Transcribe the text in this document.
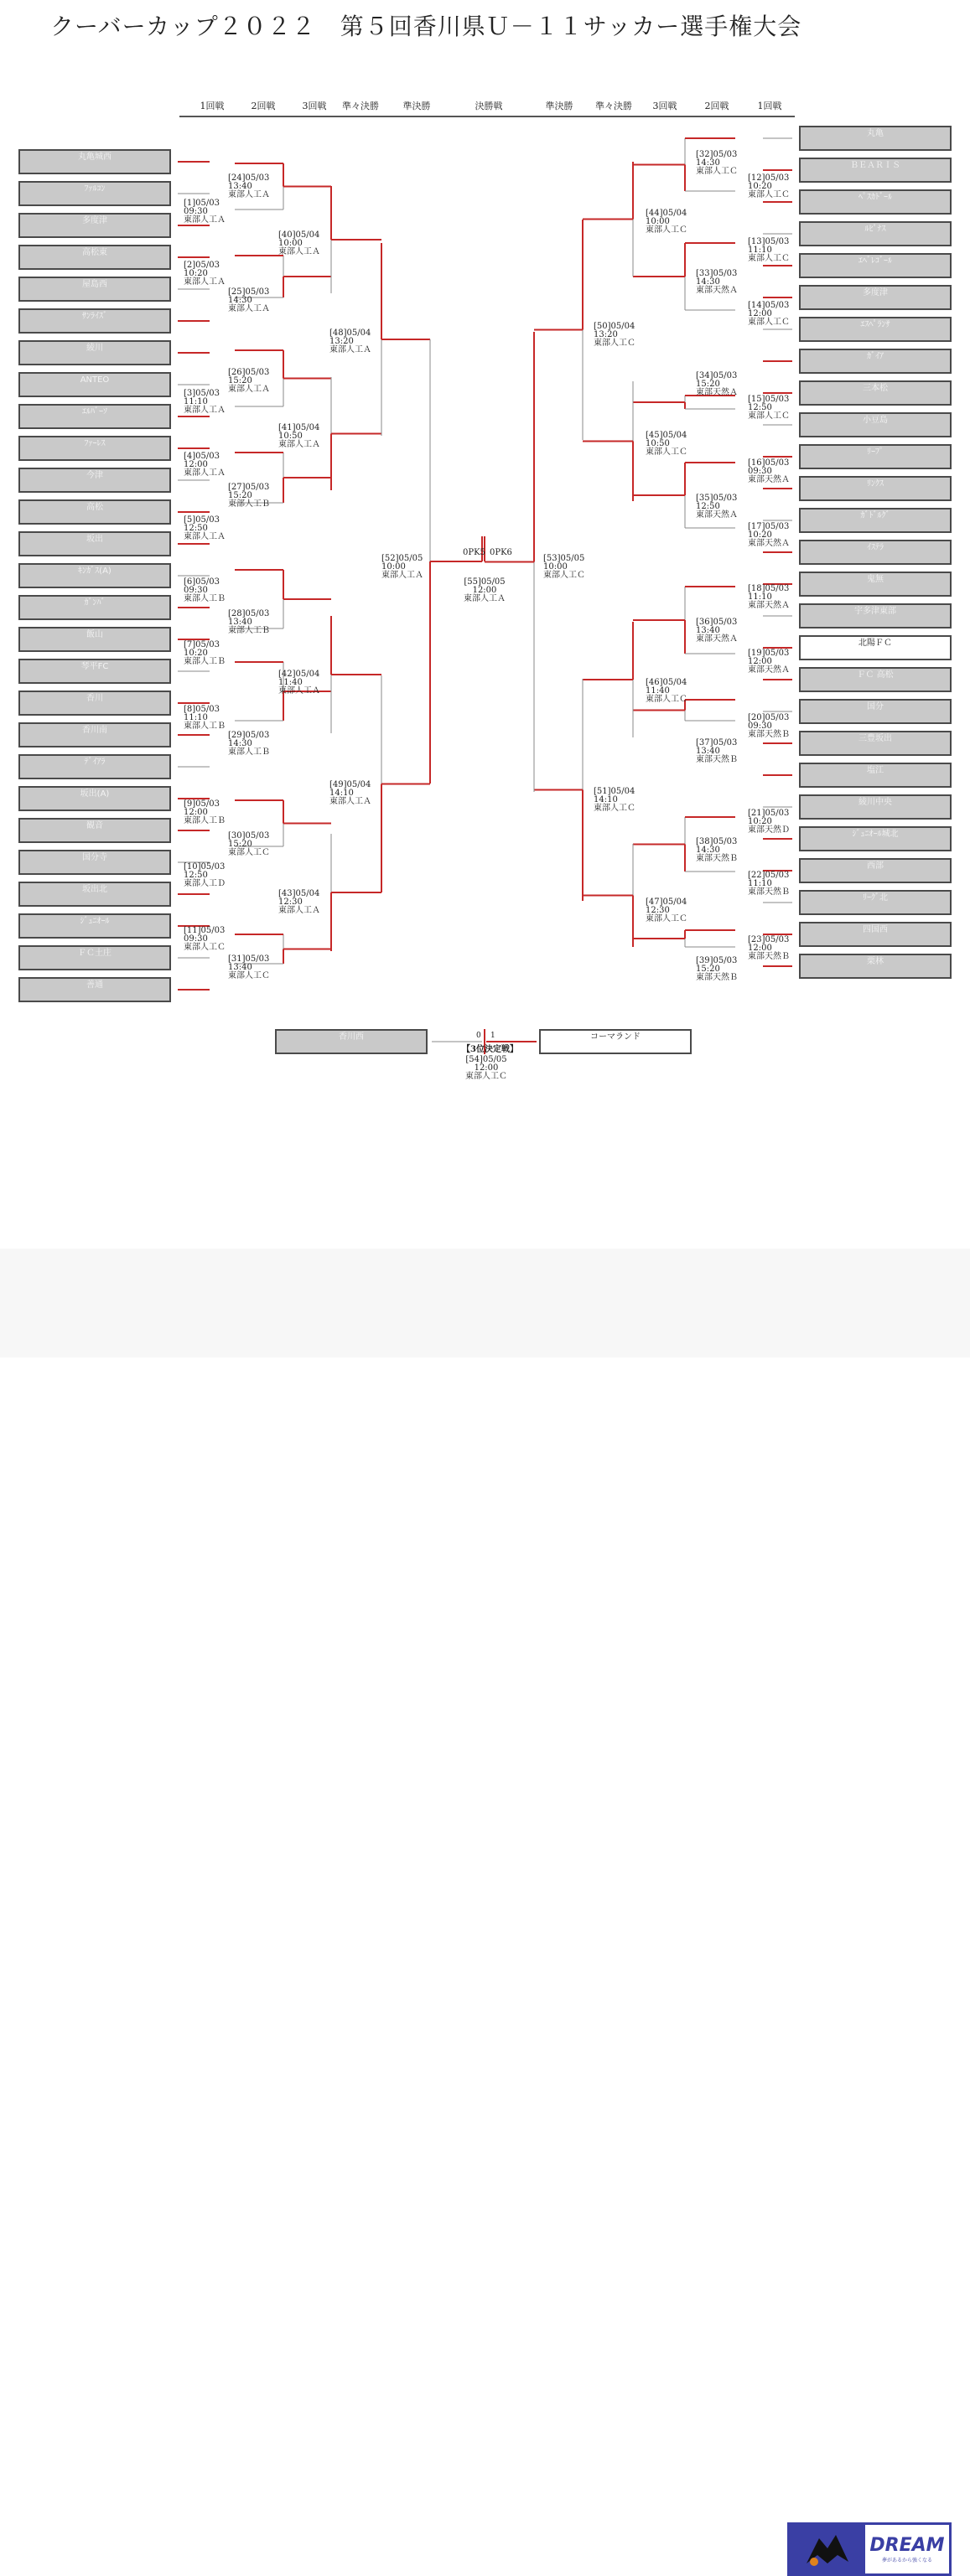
クーバーカップ２０２２　第５回香川県Ｕ－１１サッカー選手権大会
1回戦	2回戦	3回戦 準々決勝	準決勝	決勝戦	準決勝 準々決勝 3回戦	2回戦	1回戦
丸亀城西
ﾌｧﾙｺﾝ
多度津
高松東
屋島西
ｻﾝﾗｲｽﾞ
綾川
ANTEO
ｴﾙﾊﾞｰｿ
ﾌｧｰﾚｽ
今津
高松
坂出
ｷﾝｶﾞｽ(A)
ｶﾞﾝﾊﾞ
飯山
琴平FC
香川
香川南
ﾃﾞｲｱﾗ
坂出(A)
観音
国分寺
坂出北
ｼﾞｭﾆｵｰﾙ
ＦＣ土庄
善通
丸亀
ＢＥＡＲＩＳ
ﾍﾟｽｶﾄﾞｰﾙ
ﾙﾋﾟﾅｽ
ｴﾍﾞﾚｺﾞｰﾙ
多度津
ｴｽﾍﾟﾗﾝｻ
ｶﾞｲｱ
三本松
小豆島
ﾘｰﾌﾟ
ﾘﾝｸｽ
ｶﾞﾄﾞﾙｸﾞ
ｲｽﾃﾗ
鬼無
宇多津東部
北陽ＦＣ
ＦＣ 高松
国分
三豊坂出
塩江
綾川中央
ｼﾞｭﾆｵｰﾙ城北
西部
ﾘｰｸﾞ北
四国西
栗林
[24]05/03
13:40
東部人工Ａ
[1]05/03
09:30
東部人工Ａ
[40]05/04
10:00
東部人工Ａ
[2]05/03
10:20
東部人工Ａ
[25]05/03
14:30
東部人工Ａ
[48]05/04
13:20
東部人工Ａ
[26]05/03
15:20
東部人工Ａ
[3]05/03
11:10
東部人工Ａ
[41]05/04
10:50
東部人工Ａ
[4]05/03
12:00
東部人工Ａ
[27]05/03
15:20
東部人工Ｂ
[5]05/03
12:50
東部人工Ａ
[52]05/05
10:00
東部人工Ａ
[6]05/03
09:30
東部人工Ｂ
[28]05/03
13:40
東部人工Ｂ
[7]05/03
10:20
東部人工Ｂ
[42]05/04
11:40
東部人工Ａ
[8]05/03
11:10
東部人工Ｂ
[29]05/03
14:30
東部人工Ｂ
[49]05/04
14:10
東部人工Ａ
[9]05/03
12:00
東部人工Ｂ
[30]05/03
15:20
東部人工Ｃ
[10]05/03
12:50
東部人工Ｄ
[43]05/04
12:30
東部人工Ａ
[11]05/03
09:30
東部人工Ｃ
[31]05/03
13:40
東部人工Ｃ
[32]05/03
14:30
東部人工Ｃ
[12]05/03
10:20
東部人工Ｃ
[44]05/04
10:00
東部人工Ｃ
[13]05/03
11:10
東部人工Ｃ
[33]05/03
14:30
東部天然Ａ
[50]05/04
13:20
東部人工Ｃ
[14]05/03
12:00
東部人工Ｃ
[34]05/03
15:20
東部天然Ａ
[15]05/03
12:50
東部人工Ｃ
[45]05/04
10:50
東部人工Ｃ
[16]05/03
09:30
東部天然Ａ
[35]05/03
12:50
東部天然Ａ
[17]05/03
10:20
東部天然Ａ
[53]05/05
10:00
東部人工Ｃ
[18]05/03
11:10
東部天然Ａ
[36]05/03
13:40
東部天然Ａ
[19]05/03
12:00
東部天然Ａ
[46]05/04
11:40
東部人工Ｃ
[20]05/03
09:30
東部天然Ｂ
[37]05/03
13:40
東部天然Ｂ
[51]05/04
14:10
東部人工Ｃ
[21]05/03
10:20
東部天然Ｄ
[38]05/03
14:30
東部天然Ｂ
[22]05/03
11:10
東部天然Ｂ
[47]05/04
12:30
東部人工Ｃ
[23]05/03
12:00
東部天然Ｂ
[39]05/03
15:20
東部天然Ｂ
0PK5 0PK6
[55]05/05
12:00
東部人工Ａ
香川西	コーマランド
0 1
【3位決定戦】
[54]05/05
12:00
東部人工Ｃ
DREAM
夢があるから強くなる
